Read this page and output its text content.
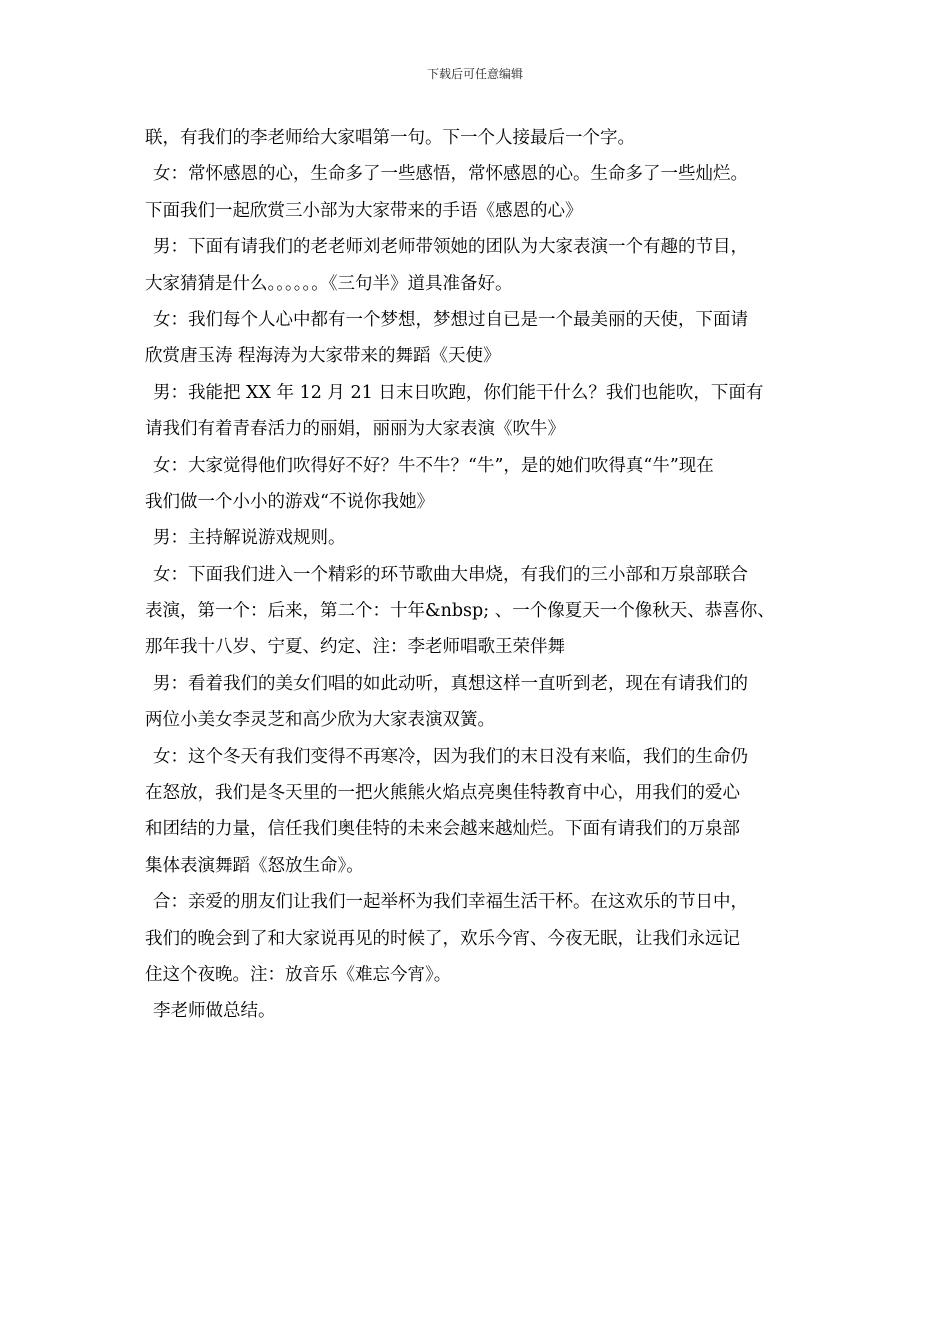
下载后可任意编辑
联，有我们的李老师给大家唱第一句。下一个人接最后一个字。
女：常怀感恩的心，生命多了一些感悟，常怀感恩的心。生命多了一些灿烂。
下面我们一起欣赏三小部为大家带来的手语《感恩的心》
男：下面有请我们的老老师刘老师带领她的团队为大家表演一个有趣的节目，
大家猜猜是什么。。。。。。《三句半》道具准备好。
女：我们每个人心中都有一个梦想，梦想过自已是一个最美丽的天使，下面请
欣赏唐玉涛 程海涛为大家带来的舞蹈《天使》
男：我能把 XX 年 12 月 21 日末日吹跑，你们能干什么？我们也能吹，下面有
请我们有着青春活力的丽娟，丽丽为大家表演《吹牛》
女：大家觉得他们吹得好不好？牛不牛？“牛”，是的她们吹得真“牛”现在
我们做一个小小的游戏“不说你我她》
男：主持解说游戏规则。
女：下面我们进入一个精彩的环节歌曲大串烧，有我们的三小部和万泉部联合
表演，第一个：后来，第二个：十年&nbsp; 、一个像夏天一个像秋天、恭喜你、
那年我十八岁、宁夏、约定、注：李老师唱歌王荣伴舞
男：看着我们的美女们唱的如此动听，真想这样一直听到老，现在有请我们的
两位小美女李灵芝和高少欣为大家表演双簧。
女：这个冬天有我们变得不再寒冷，因为我们的末日没有来临，我们的生命仍
在怒放，我们是冬天里的一把火熊熊火焰点亮奥佳特教育中心，用我们的爱心
和团结的力量，信任我们奥佳特的未来会越来越灿烂。下面有请我们的万泉部
集体表演舞蹈《怒放生命》。
合：亲爱的朋友们让我们一起举杯为我们幸福生活干杯。在这欢乐的节日中，
我们的晚会到了和大家说再见的时候了，欢乐今宵、今夜无眠，让我们永远记
住这个夜晚。注：放音乐《难忘今宵》。
李老师做总结。
